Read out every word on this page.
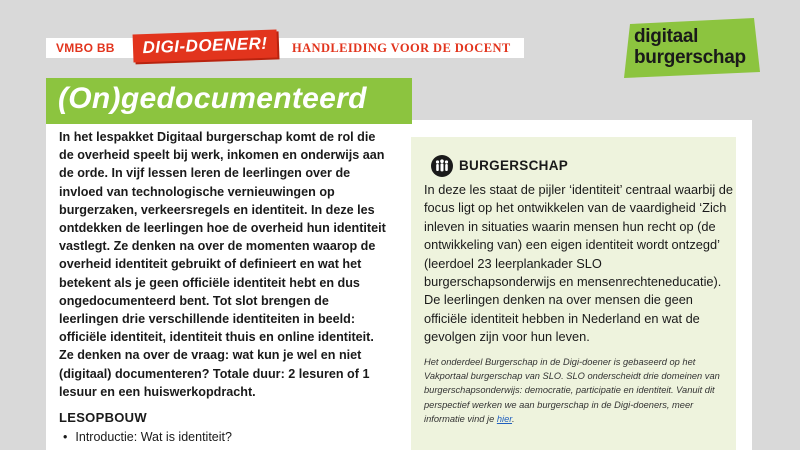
VMBO BB	DIGI-DOENER!	HANDLEIDING VOOR DE DOCENT
digitaal
burgerschap
(On)gedocumenteerd

In het lespakket Digitaal burgerschap komt de rol die de overheid speelt bij werk, inkomen en onderwijs aan de orde. In vijf lessen leren de leerlingen over de invloed van technologische vernieuwingen op burgerzaken, verkeersregels en identiteit. In deze les ontdekken de leerlingen hoe de overheid hun identiteit vastlegt. Ze denken na over de momenten waarop de overheid identiteit gebruikt of definieert en wat het betekent als je geen officiële identiteit hebt en dus ongedocumenteerd bent. Tot slot brengen de leerlingen drie verschillende identiteiten in beeld: officiële identiteit, identiteit thuis en online identiteit. Ze denken na over de vraag: wat kun je wel en niet (digitaal) documenteren? Totale duur: 2 lesuren of 1 lesuur en een huiswerkopdracht.

LESOPBOUW
• Introductie: Wat is identiteit?
BURGERSCHAP

In deze les staat de pijler ‘identiteit’ centraal waarbij de focus ligt op het ontwikkelen van de vaardigheid ‘Zich inleven in situaties waarin mensen hun recht op (de ontwikkeling van) een eigen identiteit wordt ontzegd’ (leerdoel 23 leerplankader SLO burgerschapsonderwijs en mensenrechteneducatie). De leerlingen denken na over mensen die geen officiële identiteit hebben in Nederland en wat de gevolgen zijn voor hun leven.

Het onderdeel Burgerschap in de Digi-doener is gebaseerd op het Vakportaal burgerschap van SLO. SLO onderscheidt drie domeinen van burgerschapsonderwijs: democratie, participatie en identiteit. Vanuit dit perspectief werken we aan burgerschap in de Digi-doeners, meer informatie vind je hier.
